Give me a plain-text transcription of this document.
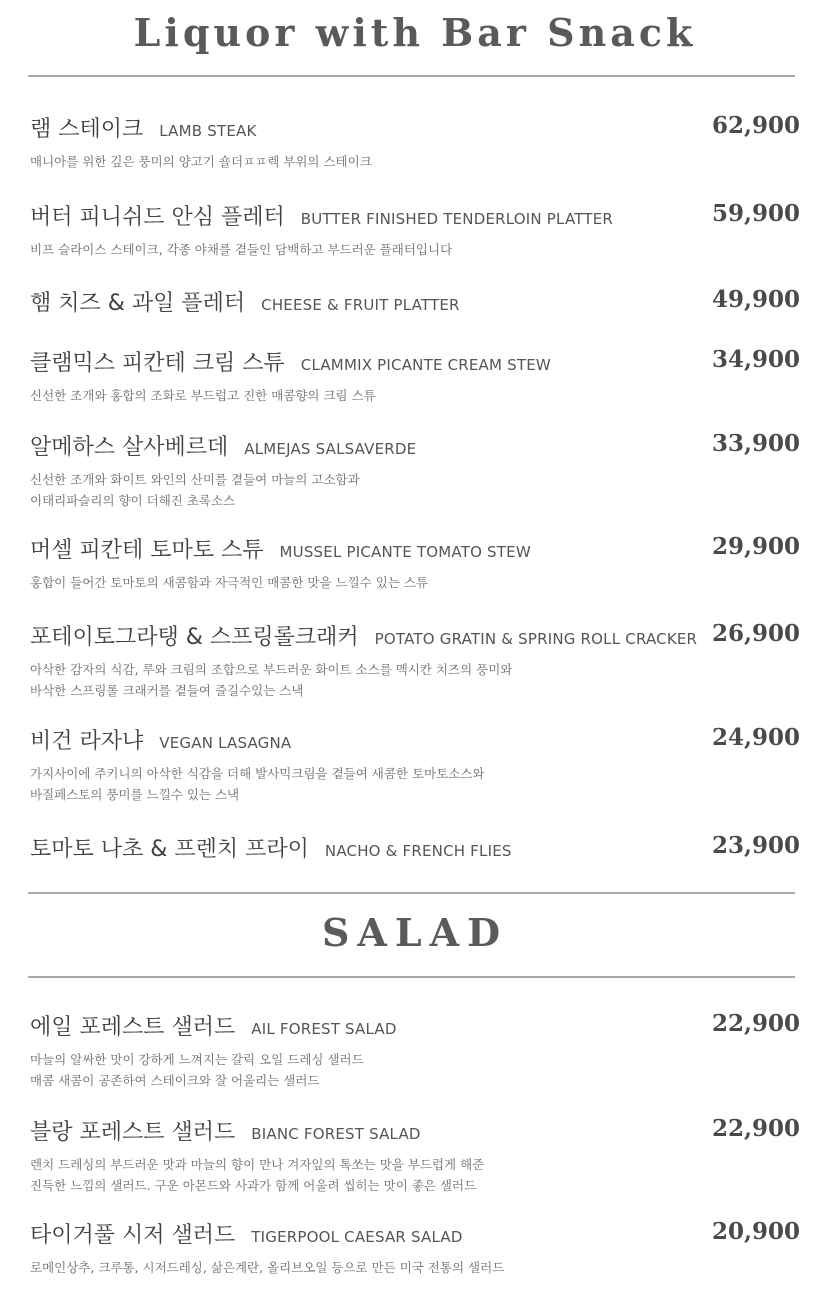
Liquor with Bar Snack
램 스테이크 LAMB STEAK	62,900
매니아를 위한 깊은 풍미의 양고기 숄더ㅍㅍ렉 부위의 스테이크
버터 피니쉬드 안심 플레터 BUTTER FINISHED TENDERLOIN PLATTER	59,900
비프 슬라이스 스테이크, 각종 야채를 곁들인 담백하고 부드러운 플래터입니다
햄 치즈 & 과일 플레터 CHEESE & FRUIT PLATTER	49,900
클램믹스 피칸테 크림 스튜 CLAMMIX PICANTE CREAM STEW	34,900
신선한 조개와 홍합의 조화로 부드럽고 진한 매콤향의 크림 스튜
알메하스 살사베르데 ALMEJAS SALSAVERDE	33,900
신선한 조개와 화이트 와인의 산미를 곁들여 마늘의 고소함과
이태리파슬리의 향이 더해진 초록소스
머셀 피칸테 토마토 스튜 MUSSEL PICANTE TOMATO STEW	29,900
홍합이 들어간 토마토의 새콤함과 자극적인 매콤한 맛을 느낄수 있는 스튜
포테이토그라탱 & 스프링롤크래커 POTATO GRATIN & SPRING ROLL CRACKER 26,900
아삭한 감자의 식감, 루와 크림의 조합으로 부드러운 화이트 소스를 멕시칸 치즈의 풍미와
바삭한 스프링롤 크래커를 곁들여 즐길수있는 스낵
비건 라자냐 VEGAN LASAGNA	24,900
가지사이에 주키니의 아삭한 식감을 더해 발사믹크림을 곁들여 새콤한 토마토소스와
바질페스토의 풍미를 느낄수 있는 스낵
토마토 나초 & 프렌치 프라이 NACHO & FRENCH FLIES	23,900
SALAD
에일 포레스트 샐러드 AIL FOREST SALAD	22,900
마늘의 알싸한 맛이 강하게 느껴지는 갈릭 오일 드레싱 샐러드
매콤 새콤이 공존하여 스테이크와 잘 어울리는 샐러드
블랑 포레스트 샐러드 BIANC FOREST SALAD	22,900
렌치 드레싱의 부드러운 맛과 마늘의 향이 만나 겨자잎의 톡쏘는 맛을 부드럽게 해준
진득한 느낌의 샐러드. 구운 아몬드와 사과가 함께 어울려 씹히는 맛이 좋은 샐러드
타이거풀 시저 샐러드 TIGERPOOL CAESAR SALAD	20,900
로메인상추, 크루통, 시저드레싱, 삶은계란, 올리브오일 등으로 만든 미국 전통의 샐러드
